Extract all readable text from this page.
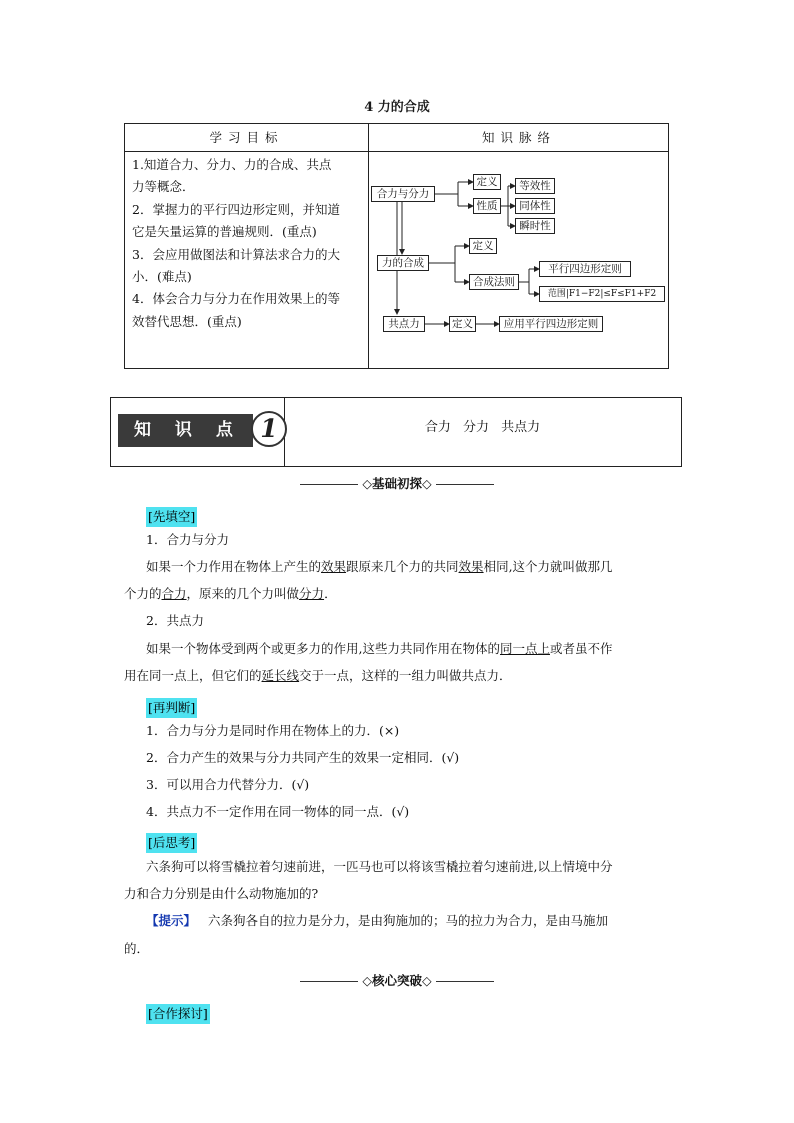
4 力的合成
学习目标	知识脉络
1.知道合力、分力、力的合成、共点
力等概念．
2．掌握力的平行四边形定则，并知道
它是矢量运算的普遍规则．(重点)
3．会应用做图法和计算法求合力的大
小．(难点)
4．体会合力与分力在作用效果上的等
效替代思想．(重点)
合力与分力
定义
性质
等效性
同体性
瞬时性
力的合成
定义
合成法则
平行四边形定则
范围|F1−F2|≤F≤F1+F2
共点力	定义	应用平行四边形定则
知 识 点 1	合力 分力 共点力
◇基础初探◇
[先填空]
1．合力与分力
如果一个力作用在物体上产生的效果跟原来几个力的共同效果相同,这个力就叫做那几
个力的合力，原来的几个力叫做分力．
2．共点力
如果一个物体受到两个或更多力的作用,这些力共同作用在物体的同一点上或者虽不作
用在同一点上，但它们的延长线交于一点，这样的一组力叫做共点力．
[再判断]
1．合力与分力是同时作用在物体上的力．(×)
2．合力产生的效果与分力共同产生的效果一定相同．(√)
3．可以用合力代替分力．(√)
4．共点力不一定作用在同一物体的同一点．(√)
[后思考]
六条狗可以将雪橇拉着匀速前进，一匹马也可以将该雪橇拉着匀速前进,以上情境中分
力和合力分别是由什么动物施加的?
【提示】 六条狗各自的拉力是分力，是由狗施加的；马的拉力为合力，是由马施加
的．
◇核心突破◇
[合作探讨]
